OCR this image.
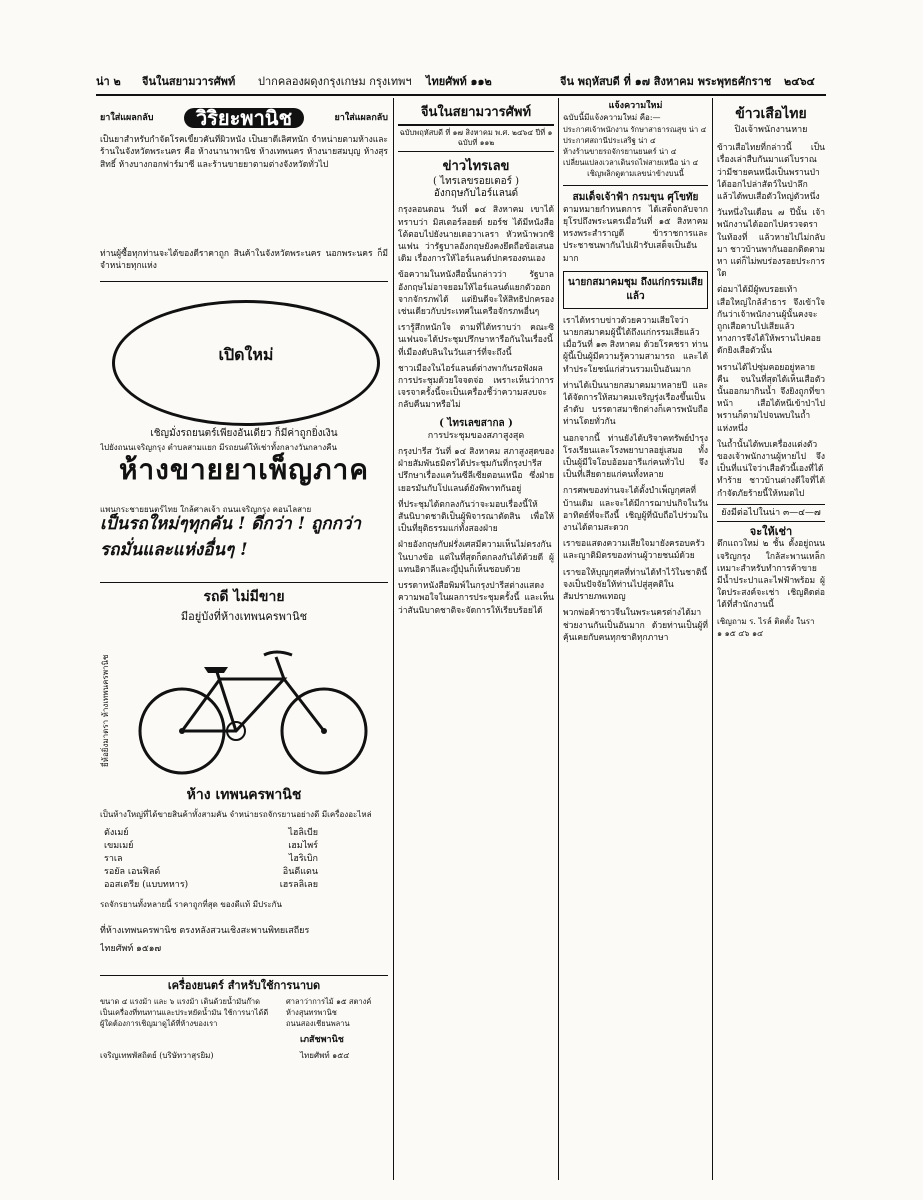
น่า ๒ จีนในสยามวารศัพท์ ปากคลองผดุงกรุงเกษม กรุงเทพฯ ไทยศัพท์ ๑๑๒	จีน พฤหัสบดี ที่ ๑๗ สิงหาคม พระพุทธศักราช ๒๔๖๔
ยาใส่แผลกลับ	วิริยะพานิช	ยาใส่แผลกลับ

เป็นยาสำหรับกำจัดโรคเขี้ยวคันที่ผิวหนัง เป็นยาดีเลิศหนัก จำหน่ายตามห้างและร้านในจังหวัดพระนคร คือ ห้างนานาพานิช ห้างเทพนคร ห้างนายสมบุญ ห้างสุรสิทธิ์ ห้างบางกอกฟาร์มาซี และร้านขายยาตามต่างจังหวัดทั่วไป

ท่านผู้ซื้อทุกท่านจะได้ของดีราคาถูก สินค้าในจังหวัดพระนคร นอกพระนคร ก็มีจำหน่ายทุกแห่ง

เปิดใหม่
เชิญมั่งรถยนตร์เพียงอันเดียว ก็มีค่าถูกยิ่งเงิน
ไปยังถนนเจริญกรุง ตำบลสามแยก มีรถยนต์ให้เช่าทั้งกลางวันกลางคืน
ห้างขายยาเพ็ญภาค
แพนกระชายยนตร์ไทย ใกล้ศาลเจ้า ถนนเจริญกรุง คอนไลสาย
เป็นรถใหม่ๆทุกคัน ! ดีกว่า ! ถูกกว่า
รถมั่นและแห่งอื่นๆ !
รถดี ไม่มีขาย
มีอยู่บังที่ห้างเทพนครพานิช
ยี่ห้อยิ่งมาตรา ห้างเทพนครพานิช
ห้าง เทพนครพานิช
เป็นห้างใหญ่ที่ได้ขายสินค้าทั้งสามคัน จำหน่ายรถจักรยานอย่างดี มีเครื่องอะไหล่
ตังเมย์	ไฮลิเบีย
เขมเมย์	เฮมไพร์
ราเล	ไฮริเบิก
รอยัล เอนฟิลด์	อินดีแดน
ออสเตรีย (แบบทหาร)	เฮรลลิเลย
รถจักรยานทั้งหลายนี้ ราคาถูกที่สุด ของดีแท้ มีประกัน
ที่ห้างเทพนครพานิช ตรงหลังสวนเชิงสะพานพิทยเสถียร
ไทยศัพท์ ๑๕๑๗
เครื่องยนตร์ สำหรับใช้การนาบด
ขนาด ๔ แรงม้า และ ๖ แรงม้า เดินด้วยน้ำมันก๊าด
เป็นเครื่องที่ทนทานและประหยัดน้ำมัน ใช้การนาได้ดี
ผู้ใดต้องการเชิญมาดูได้ที่ห้างของเรา
ศาลาว่าการไม้ ๑๕ สตางค์
ห้างสุนทรพานิช
ถนนสองเชียนพลาน
เภสัชพานิช
เจริญเทพพัสถิตย์ (บริษัทวาสุรยิม)	ไทยศัพท์ ๑๕๔
จีนในสยามวารศัพท์
ฉบับพฤหัสบดี ที่ ๑๗ สิงหาคม พ.ศ. ๒๔๖๔ ปีที่ ๑ ฉบับที่ ๑๑๒
ข่าวไทรเลข
( ไทรเลขรอยเตอร์ )
อังกฤษกับไอร์แลนด์

กรุงลอนดอน วันที่ ๑๔ สิงหาคม เขาได้ทราบว่า มิสเตอร์ลอยด์ ยอร์ช ได้มีหนังสือโต้ตอบไปยังนายเดอวาเลรา หัวหน้าพวกซินเฟน ว่ารัฐบาลอังกฤษยังคงยึดถือข้อเสนอเดิม เรื่องการให้ไอร์แลนด์ปกครองตนเอง

ข้อความในหนังสือนั้นกล่าวว่า รัฐบาลอังกฤษไม่อาจยอมให้ไอร์แลนด์แยกตัวออกจากจักรภพได้ แต่ยินดีจะให้สิทธิปกครองเช่นเดียวกับประเทศในเครือจักรภพอื่นๆ

เรารู้สึกหนักใจ ตามที่ได้ทราบว่า คณะซินเฟนจะได้ประชุมปรึกษาหารือกันในเรื่องนี้ ที่เมืองดับลินในวันเสาร์ที่จะถึงนี้

ชาวเมืองในไอร์แลนด์ต่างพากันรอฟังผลการประชุมด้วยใจจดจ่อ เพราะเห็นว่าการเจรจาครั้งนี้จะเป็นเครื่องชี้ว่าความสงบจะกลับคืนมาหรือไม่

( ไทรเลขสากล )
การประชุมของสภาสูงสุด

กรุงปารีส วันที่ ๑๔ สิงหาคม สภาสูงสุดของฝ่ายสัมพันธมิตรได้ประชุมกันที่กรุงปารีส ปรึกษาเรื่องแคว้นซีลีเซียตอนเหนือ ซึ่งฝ่ายเยอรมันกับโปแลนด์ยังพิพาทกันอยู่

ที่ประชุมได้ตกลงกันว่าจะมอบเรื่องนี้ให้สันนิบาตชาติเป็นผู้พิจารณาตัดสิน เพื่อให้เป็นที่ยุติธรรมแก่ทั้งสองฝ่าย

ฝ่ายอังกฤษกับฝรั่งเศสมีความเห็นไม่ตรงกันในบางข้อ แต่ในที่สุดก็ตกลงกันได้ด้วยดี ผู้แทนอิตาลีและญี่ปุ่นก็เห็นชอบด้วย

บรรดาหนังสือพิมพ์ในกรุงปารีสต่างแสดงความพอใจในผลการประชุมครั้งนี้ และเห็นว่าสันนิบาตชาติจะจัดการให้เรียบร้อยได้

แจ้งความใหม่
ฉบับนี้มีแจ้งความใหม่ คือ:—
ประกาศเจ้าพนักงาน รักษาสาธารณสุข น่า ๔
ประกาศสถานีประเสริฐ น่า ๔
ห้างร้านขายรถจักรยานยนตร์ น่า ๔
เปลี่ยนแปลงเวลาเดินรถไฟสายเหนือ น่า ๔
เชิญพลิกดูตามเลขน่าข้างบนนี้
สมเด็จเจ้าฟ้า กรมขุน ศุโขทัย

ตามหมายกำหนดการ ได้เสด็จกลับจากยุโรปถึงพระนครเมื่อวันที่ ๑๕ สิงหาคม ทรงพระสำราญดี ข้าราชการและประชาชนพากันไปเฝ้ารับเสด็จเป็นอันมาก

นายกสมาคมชุม ถึงแก่กรรมเสียแล้ว

เราได้ทราบข่าวด้วยความเสียใจว่า นายกสมาคมผู้นี้ได้ถึงแก่กรรมเสียแล้วเมื่อวันที่ ๑๓ สิงหาคม ด้วยโรคชรา ท่านผู้นี้เป็นผู้มีความรู้ความสามารถ และได้ทำประโยชน์แก่ส่วนรวมเป็นอันมาก

ท่านได้เป็นนายกสมาคมมาหลายปี และได้จัดการให้สมาคมเจริญรุ่งเรืองขึ้นเป็นลำดับ บรรดาสมาชิกต่างก็เคารพนับถือท่านโดยทั่วกัน

นอกจากนี้ ท่านยังได้บริจาคทรัพย์บำรุงโรงเรียนและโรงพยาบาลอยู่เสมอ ทั้งเป็นผู้มีใจโอบอ้อมอารีแก่คนทั่วไป จึงเป็นที่เสียดายแก่คนทั้งหลาย

การศพของท่านจะได้ตั้งบำเพ็ญกุศลที่บ้านเดิม และจะได้มีการฌาปนกิจในวันอาทิตย์ที่จะถึงนี้ เชิญผู้ที่นับถือไปร่วมในงานได้ตามสะดวก

เราขอแสดงความเสียใจมายังครอบครัวและญาติมิตรของท่านผู้วายชนม์ด้วย

เราขอให้บุญกุศลที่ท่านได้ทำไว้ในชาตินี้ จงเป็นปัจจัยให้ท่านไปสู่สุคติในสัมปรายภพเทอญ

พวกพ่อค้าชาวจีนในพระนครต่างได้มาช่วยงานกันเป็นอันมาก ด้วยท่านเป็นผู้ที่คุ้นเคยกับคนทุกชาติทุกภาษา

ข้าวเสือไทย
ปิงเจ้าพนักงานหาย

ข้าวเสือไทยที่กล่าวนี้ เป็นเรื่องเล่าสืบกันมาแต่โบราณ ว่ามีชายคนหนึ่งเป็นพรานป่า ได้ออกไปล่าสัตว์ในป่าลึก แล้วได้พบเสือตัวใหญ่ตัวหนึ่ง

วันหนึ่งในเดือน ๗ ปีนั้น เจ้าพนักงานได้ออกไปตรวจตราในท้องที่ แล้วหายไปไม่กลับมา ชาวบ้านพากันออกติดตามหา แต่ก็ไม่พบร่องรอยประการใด

ต่อมาได้มีผู้พบรอยเท้าเสือใหญ่ใกล้ลำธาร จึงเข้าใจกันว่าเจ้าพนักงานผู้นั้นคงจะถูกเสือคาบไปเสียแล้ว ทางการจึงได้ให้พรานไปคอยดักยิงเสือตัวนั้น

พรานได้ไปซุ่มคอยอยู่หลายคืน จนในที่สุดได้เห็นเสือตัวนั้นออกมากินน้ำ จึงยิงถูกที่ขาหน้า เสือได้หนีเข้าป่าไป พรานก็ตามไปจนพบในถ้ำแห่งหนึ่ง

ในถ้ำนั้นได้พบเครื่องแต่งตัวของเจ้าพนักงานผู้หายไป จึงเป็นที่แน่ใจว่าเสือตัวนี้เองที่ได้ทำร้าย ชาวบ้านต่างดีใจที่ได้กำจัดภัยร้ายนี้ให้หมดไป

ยังมีต่อไปในน่า ๓—๔—๗
จะให้เช่า

ตึกแถวใหม่ ๒ ชั้น ตั้งอยู่ถนนเจริญกรุง ใกล้สะพานเหล็ก เหมาะสำหรับทำการค้าขาย มีน้ำประปาและไฟฟ้าพร้อม ผู้ใดประสงค์จะเช่า เชิญติดต่อได้ที่สำนักงานนี้

เชิญถาม ร. ไรล์ ติดตั้ง ในรา
๑ ๑๕ ๔๖ ๑๔
